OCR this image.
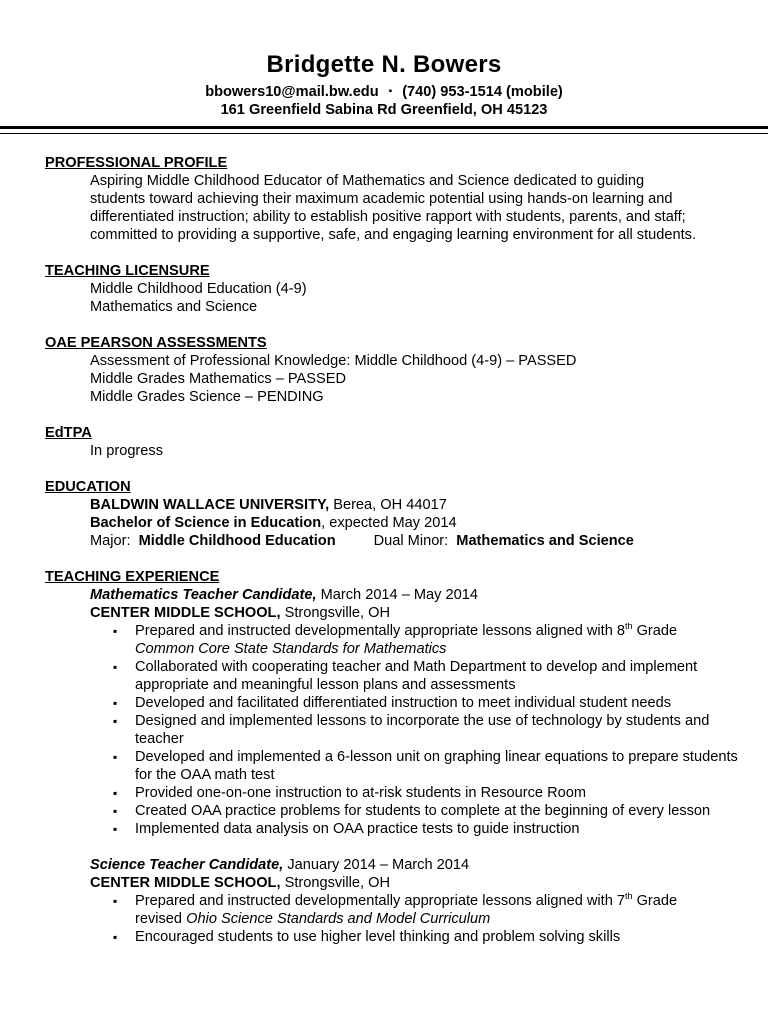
Bridgette N. Bowers
bbowers10@mail.bw.edu ▪ (740) 953-1514 (mobile)
161 Greenfield Sabina Rd Greenfield, OH 45123
PROFESSIONAL PROFILE
Aspiring Middle Childhood Educator of Mathematics and Science dedicated to guiding
students toward achieving their maximum academic potential using hands-on learning and
differentiated instruction; ability to establish positive rapport with students, parents, and staff;
committed to providing a supportive, safe, and engaging learning environment for all students.
TEACHING LICENSURE
Middle Childhood Education (4-9)
Mathematics and Science
OAE PEARSON ASSESSMENTS
Assessment of Professional Knowledge: Middle Childhood (4-9) – PASSED
Middle Grades Mathematics – PASSED
Middle Grades Science – PENDING
EdTPA
In progress
EDUCATION
BALDWIN WALLACE UNIVERSITY, Berea, OH 44017
Bachelor of Science in Education, expected May 2014
Major: Middle Childhood Education	Dual Minor: Mathematics and Science
TEACHING EXPERIENCE
Mathematics Teacher Candidate, March 2014 – May 2014
CENTER MIDDLE SCHOOL, Strongsville, OH
▪ Prepared and instructed developmentally appropriate lessons aligned with 8th Grade
Common Core State Standards for Mathematics
▪ Collaborated with cooperating teacher and Math Department to develop and implement appropriate and meaningful lesson plans and assessments
▪ Developed and facilitated differentiated instruction to meet individual student needs
▪ Designed and implemented lessons to incorporate the use of technology by students and teacher
▪ Developed and implemented a 6-lesson unit on graphing linear equations to prepare students for the OAA math test
▪ Provided one-on-one instruction to at-risk students in Resource Room
▪ Created OAA practice problems for students to complete at the beginning of every lesson
▪ Implemented data analysis on OAA practice tests to guide instruction
Science Teacher Candidate, January 2014 – March 2014
CENTER MIDDLE SCHOOL, Strongsville, OH
▪ Prepared and instructed developmentally appropriate lessons aligned with 7th Grade
revised Ohio Science Standards and Model Curriculum
▪ Encouraged students to use higher level thinking and problem solving skills
